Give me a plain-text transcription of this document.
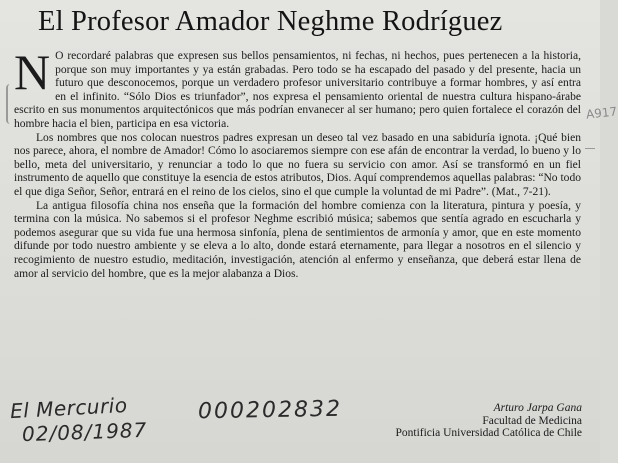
El Profesor Amador Neghme Rodríguez

N O recordaré palabras que expresen sus bellos pensamientos, ni fechas, ni hechos, pues pertenecen a la historia, porque son muy importantes y ya están grabadas. Pero todo se ha escapado del pasado y del presente, hacia un futuro que desconocemos, porque un verdadero profesor universitario contribuye a formar hombres, y así entra en el infinito. “Sólo Dios es triunfador”, nos expresa el pensamiento oriental de nuestra cultura hispano-árabe escrito en sus monumentos arquitectónicos que más podrían envanecer al ser humano; pero quien fortalece el corazón del hombre hacia el bien, participa en esa victoria.

Los nombres que nos colocan nuestros padres expresan un deseo tal vez basado en una sabiduría ignota. ¡Qué bien nos parece, ahora, el nombre de Amador! Cómo lo asociaremos siempre con ese afán de encontrar la verdad, lo bueno y lo bello, meta del universitario, y renunciar a todo lo que no fuera su servicio con amor. Así se transformó en un fiel instrumento de aquello que constituye la esencia de estos atributos, Dios. Aquí comprendemos aquellas palabras: “No todo el que diga Señor, Señor, entrará en el reino de los cielos, sino el que cumple la voluntad de mi Padre”. (Mat., 7-21).

La antigua filosofía china nos enseña que la formación del hombre comienza con la literatura, pintura y poesía, y termina con la música. No sabemos si el profesor Neghme escribió música; sabemos que sentía agrado en escucharla y podemos asegurar que su vida fue una hermosa sinfonía, plena de sentimientos de armonía y amor, que en este momento difunde por todo nuestro ambiente y se eleva a lo alto, donde estará eternamente, para llegar a nosotros en el silencio y recogimiento de nuestro estudio, meditación, investigación, atención al enfermo y enseñanza, que deberá estar llena de amor al servicio del hombre, que es la mejor alabanza a Dios.

A917
El Mercurio
02/08/1987
000202832	Arturo Jarpa Gana
Facultad de Medicina
Pontificia Universidad Católica de Chile
